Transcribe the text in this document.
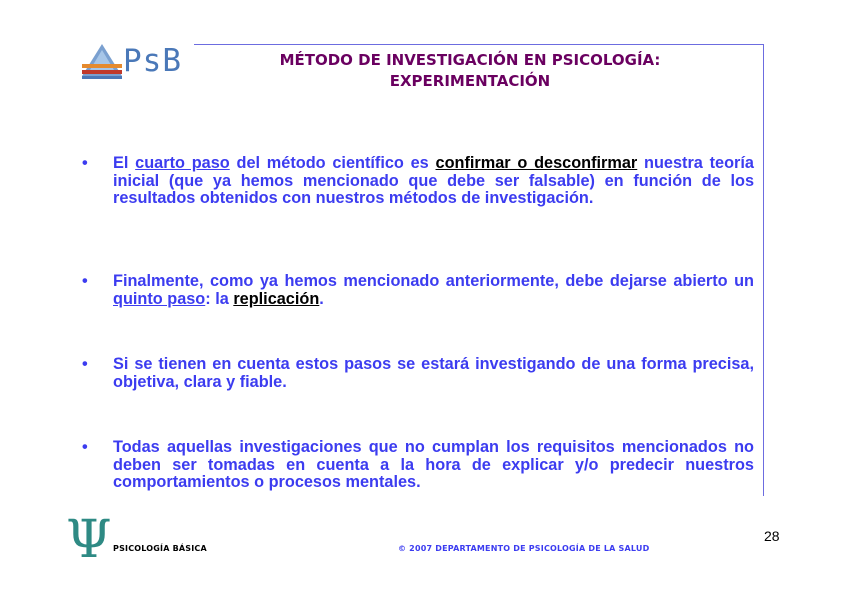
PsB	MÉTODO DE INVESTIGACIÓN EN PSICOLOGÍA:
EXPERIMENTACIÓN
• El cuarto paso del método científico es confirmar o desconfirmar nuestra teoría inicial (que ya hemos mencionado que debe ser falsable) en función de los resultados obtenidos con nuestros métodos de investigación.
• Finalmente, como ya hemos mencionado anteriormente, debe dejarse abierto un quinto paso: la replicación.
• Si se tienen en cuenta estos pasos se estará investigando de una forma precisa, objetiva, clara y fiable.
• Todas aquellas investigaciones que no cumplan los requisitos mencionados no deben ser tomadas en cuenta a la hora de explicar y/o predecir nuestros comportamientos o procesos mentales.
Ψ PSICOLOGÍA BÁSICA	© 2007 DEPARTAMENTO DE PSICOLOGÍA DE LA SALUD
28
